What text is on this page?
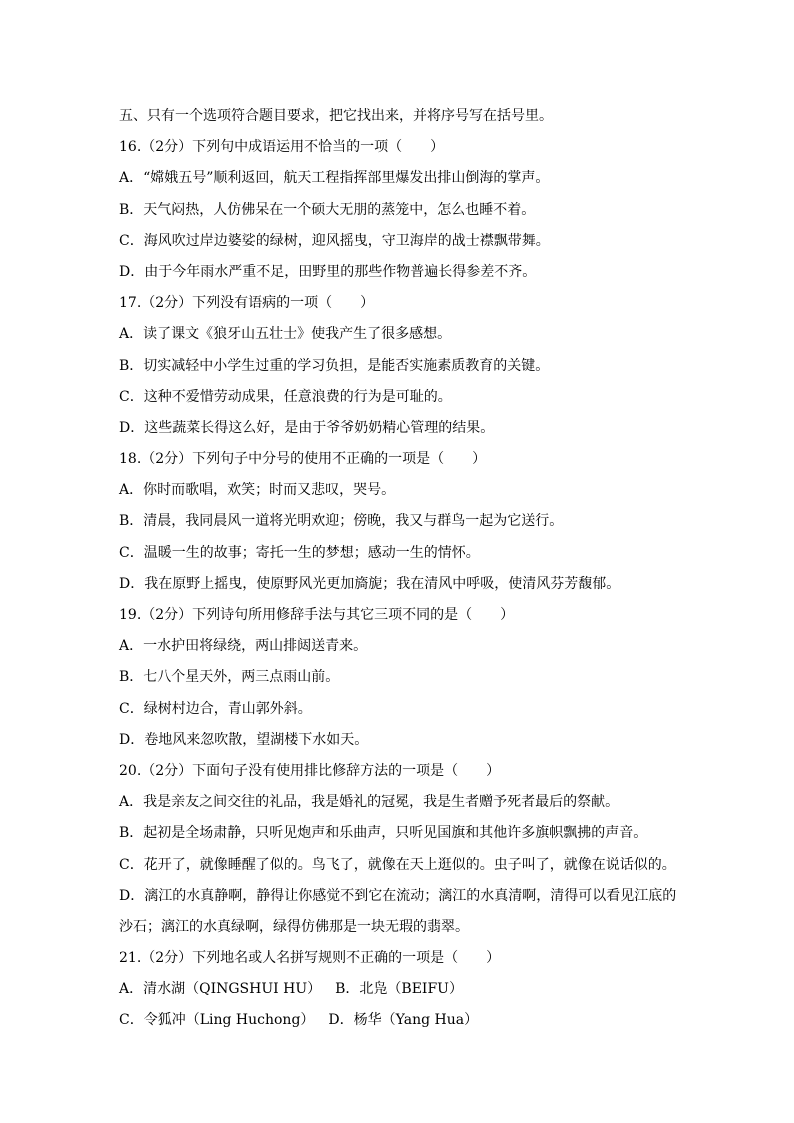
五、只有一个选项符合题目要求，把它找出来，并将序号写在括号里。
16.（2分）下列句中成语运用不恰当的一项（　　）
A．“嫦娥五号”顺利返回，航天工程指挥部里爆发出排山倒海的掌声。
B．天气闷热，人仿佛呆在一个硕大无朋的蒸笼中，怎么也睡不着。
C．海风吹过岸边婆娑的绿树，迎风摇曳，守卫海岸的战士襟飘带舞。
D．由于今年雨水严重不足，田野里的那些作物普遍长得参差不齐。
17.（2分）下列没有语病的一项（　　）
A．读了课文《狼牙山五壮士》使我产生了很多感想。
B．切实减轻中小学生过重的学习负担，是能否实施素质教育的关键。
C．这种不爱惜劳动成果，任意浪费的行为是可耻的。
D．这些蔬菜长得这么好，是由于爷爷奶奶精心管理的结果。
18.（2分）下列句子中分号的使用不正确的一项是（　　）
A．你时而歌唱，欢笑；时而又悲叹，哭号。
B．清晨，我同晨风一道将光明欢迎；傍晚，我又与群鸟一起为它送行。
C．温暖一生的故事；寄托一生的梦想；感动一生的情怀。
D．我在原野上摇曳，使原野风光更加旖旎；我在清风中呼吸，使清风芬芳馥郁。
19.（2分）下列诗句所用修辞手法与其它三项不同的是（　　）
A．一水护田将绿绕，两山排闼送青来。
B．七八个星天外，两三点雨山前。
C．绿树村边合，青山郭外斜。
D．卷地风来忽吹散，望湖楼下水如天。
20.（2分）下面句子没有使用排比修辞方法的一项是（　　）
A．我是亲友之间交往的礼品，我是婚礼的冠冕，我是生者赠予死者最后的祭献。
B．起初是全场肃静，只听见炮声和乐曲声，只听见国旗和其他许多旗帜飘拂的声音。
C．花开了，就像睡醒了似的。鸟飞了，就像在天上逛似的。虫子叫了，就像在说话似的。
D．漓江的水真静啊，静得让你感觉不到它在流动；漓江的水真清啊，清得可以看见江底的
沙石；漓江的水真绿啊，绿得仿佛那是一块无瑕的翡翠。
21.（2分）下列地名或人名拼写规则不正确的一项是（　　）
A．清水湖（QINGSHUI HU） B．北凫（BEIFU）
C．令狐冲（Ling Huchong） D．杨华（Yang Hua）
